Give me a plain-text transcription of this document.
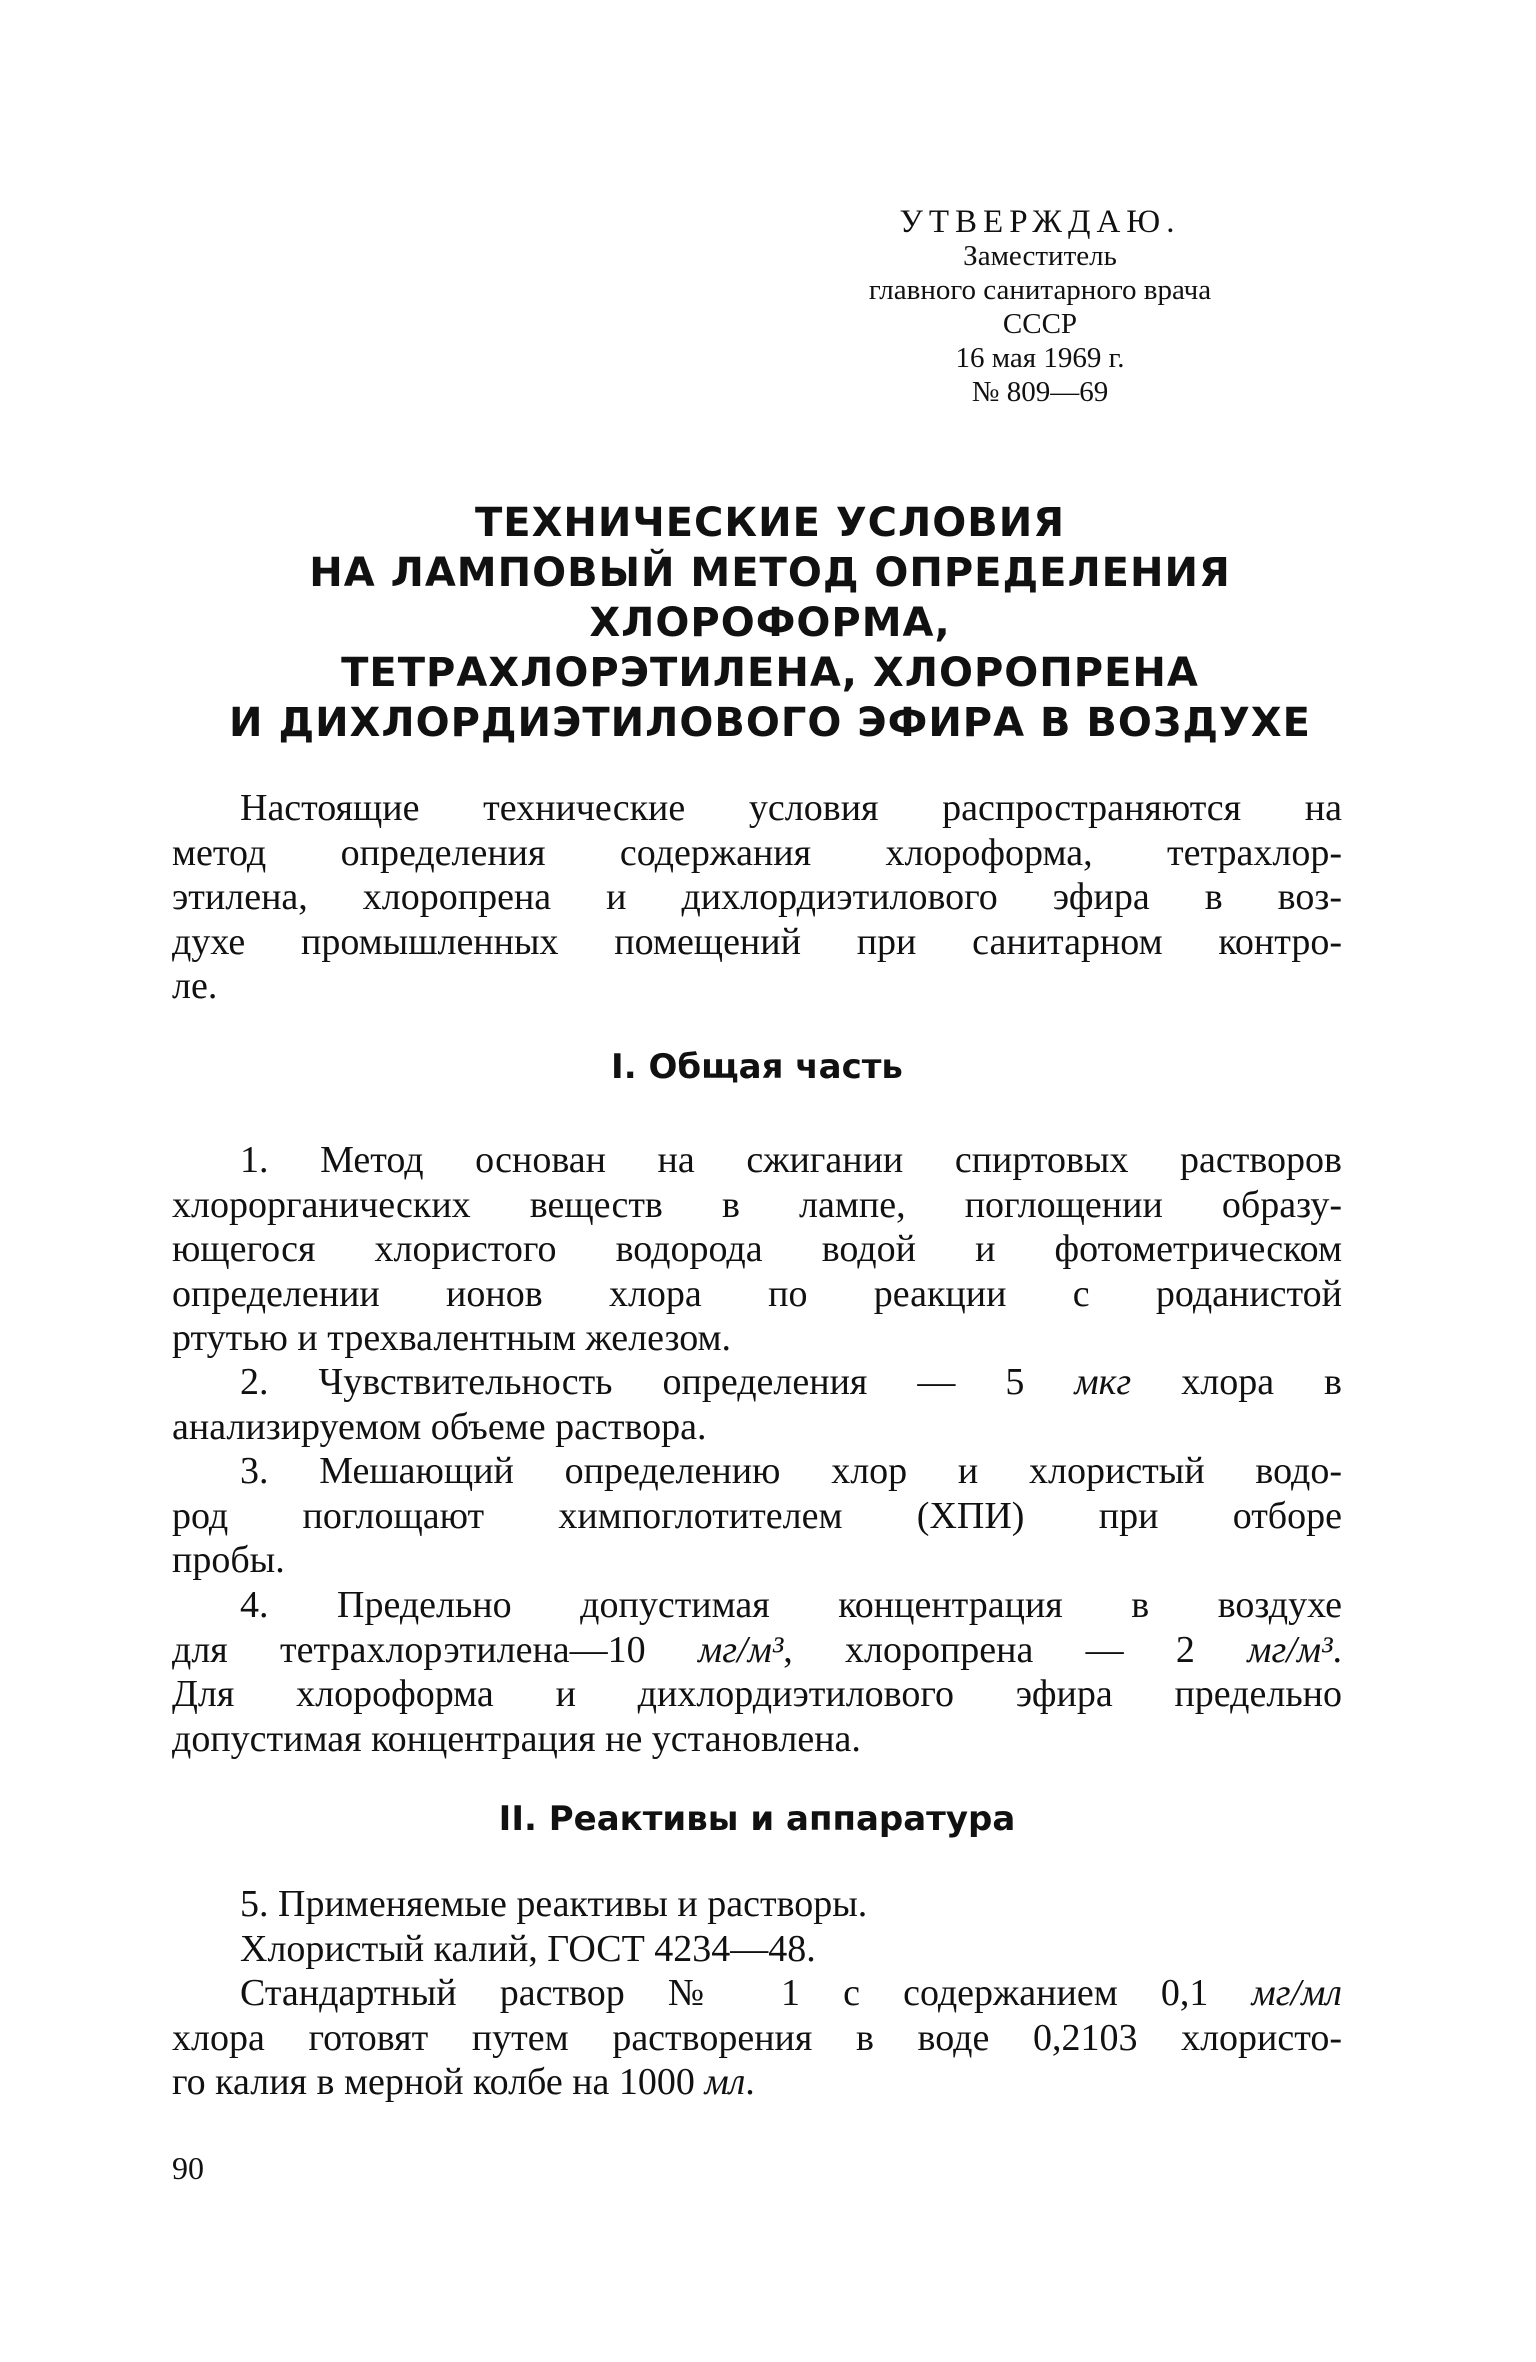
УТВЕРЖДАЮ.
Заместитель
главного санитарного врача
СССР
16 мая 1969 г.
№ 809—69
ТЕХНИЧЕСКИЕ УСЛОВИЯ
НА ЛАМПОВЫЙ МЕТОД ОПРЕДЕЛЕНИЯ
ХЛОРОФОРМА,
ТЕТРАХЛОРЭТИЛЕНА, ХЛОРОПРЕНА
И ДИХЛОРДИЭТИЛОВОГО ЭФИРА В ВОЗДУХЕ
Настоящие технические условия распространяются на
метод определения содержания хлороформа, тетрахлор-
этилена, хлоропрена и дихлордиэтилового эфира в воз-
духе промышленных помещений при санитарном контро-
ле.
I. Общая часть
1. Метод основан на сжигании спиртовых растворов
хлорорганических веществ в лампе, поглощении образу-
ющегося хлористого водорода водой и фотометрическом
определении ионов хлора по реакции с роданистой
ртутью и трехвалентным железом.
2. Чувствительность определения — 5 мкг хлора в
анализируемом объеме раствора.
3. Мешающий определению хлор и хлористый водо-
род поглощают химпоглотителем (ХПИ) при отборе
пробы.
4. Предельно допустимая концентрация в воздухе
для тетрахлорэтилена—10 мг/м³, хлоропрена — 2 мг/м³.
Для хлороформа и дихлордиэтилового эфира предельно
допустимая концентрация не установлена.
II. Реактивы и аппаратура
5. Применяемые реактивы и растворы.
Хлористый калий, ГОСТ 4234—48.
Стандартный раствор № 1 с содержанием 0,1 мг/мл
хлора готовят путем растворения в воде 0,2103 хлористо-
го калия в мерной колбе на 1000 мл.
90
